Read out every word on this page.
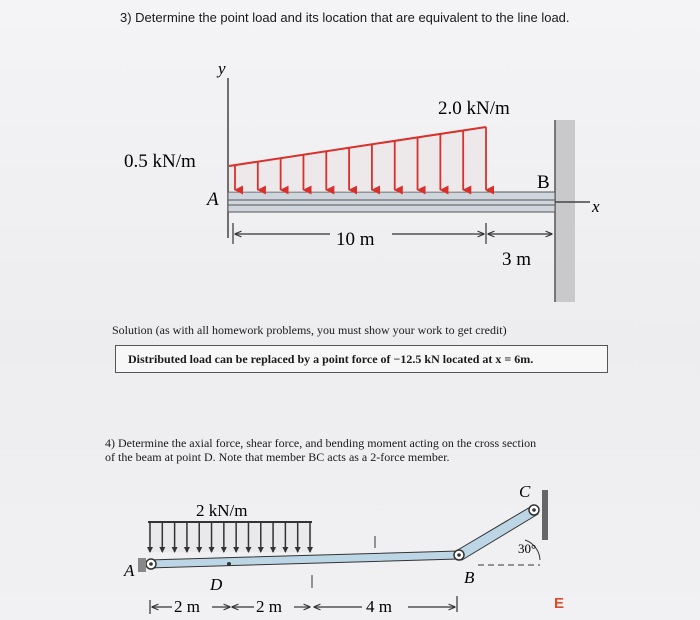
3) Determine the point load and its location that are equivalent to the line load.
y
x
0.5 kN/m
2.0 kN/m
A
B
10 m
3 m
2 kN/m
A
D	B
C
30°
2 m	2 m	4 m	E
Solution (as with all homework problems, you must show your work to get credit)
Distributed load can be replaced by a point force of −12.5 kN located at x = 6m.
4) Determine the axial force, shear force, and bending moment acting on the cross section
of the beam at point D. Note that member BC acts as a 2-force member.
